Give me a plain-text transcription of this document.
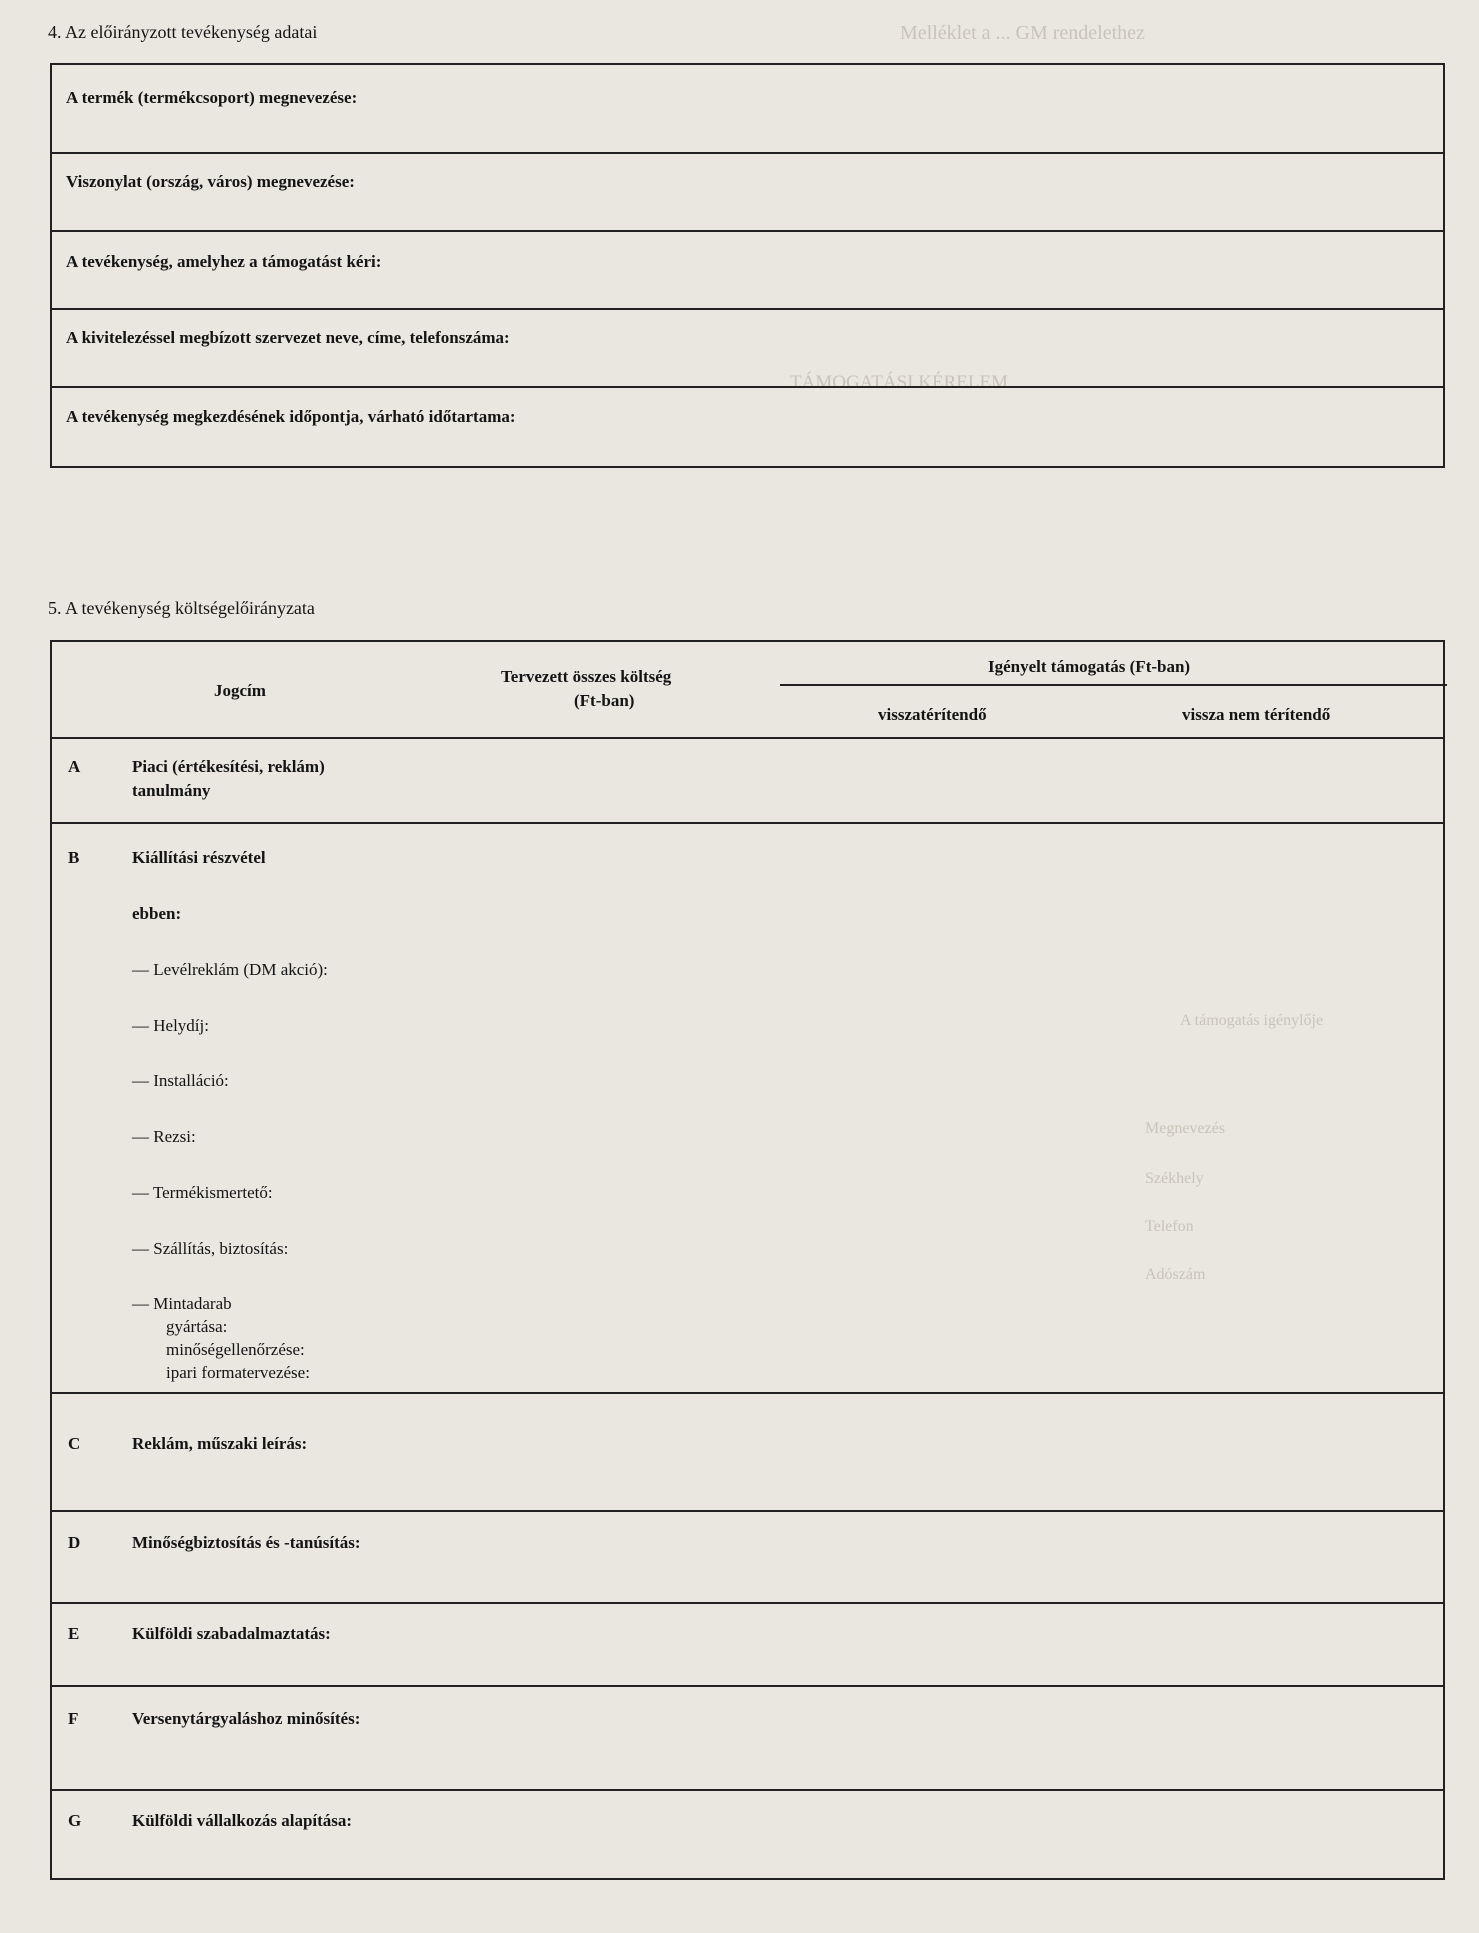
Melléklet a ... GM rendelethez
TÁMOGATÁSI KÉRELEM
A támogatás igénylője
Megnevezés
Székhely
Telefon
Adószám
4. Az előirányzott tevékenység adatai
A termék (termékcsoport) megnevezése:
Viszonylat (ország, város) megnevezése:
A tevékenység, amelyhez a támogatást kéri:
A kivitelezéssel megbízott szervezet neve, címe, telefonszáma:
A tevékenység megkezdésének időpontja, várható időtartama:
5. A tevékenység költségelőirányzata
Jogcím
Tervezett összes költség
(Ft-ban)
Igényelt támogatás (Ft-ban)
visszatérítendő	vissza nem térítendő
A	Piaci (értékesítési, reklám)
tanulmány
B	Kiállítási részvétel
ebben:
— Levélreklám (DM akció):
— Helydíj:
— Installáció:
— Rezsi:
— Termékismertető:
— Szállítás, biztosítás:
— Mintadarab
gyártása:
minőségellenőrzése:
ipari formatervezése:
C	Reklám, műszaki leírás:
D	Minőségbiztosítás és -tanúsítás:
E	Külföldi szabadalmaztatás:
F	Versenytárgyaláshoz minősítés:
G	Külföldi vállalkozás alapítása:
